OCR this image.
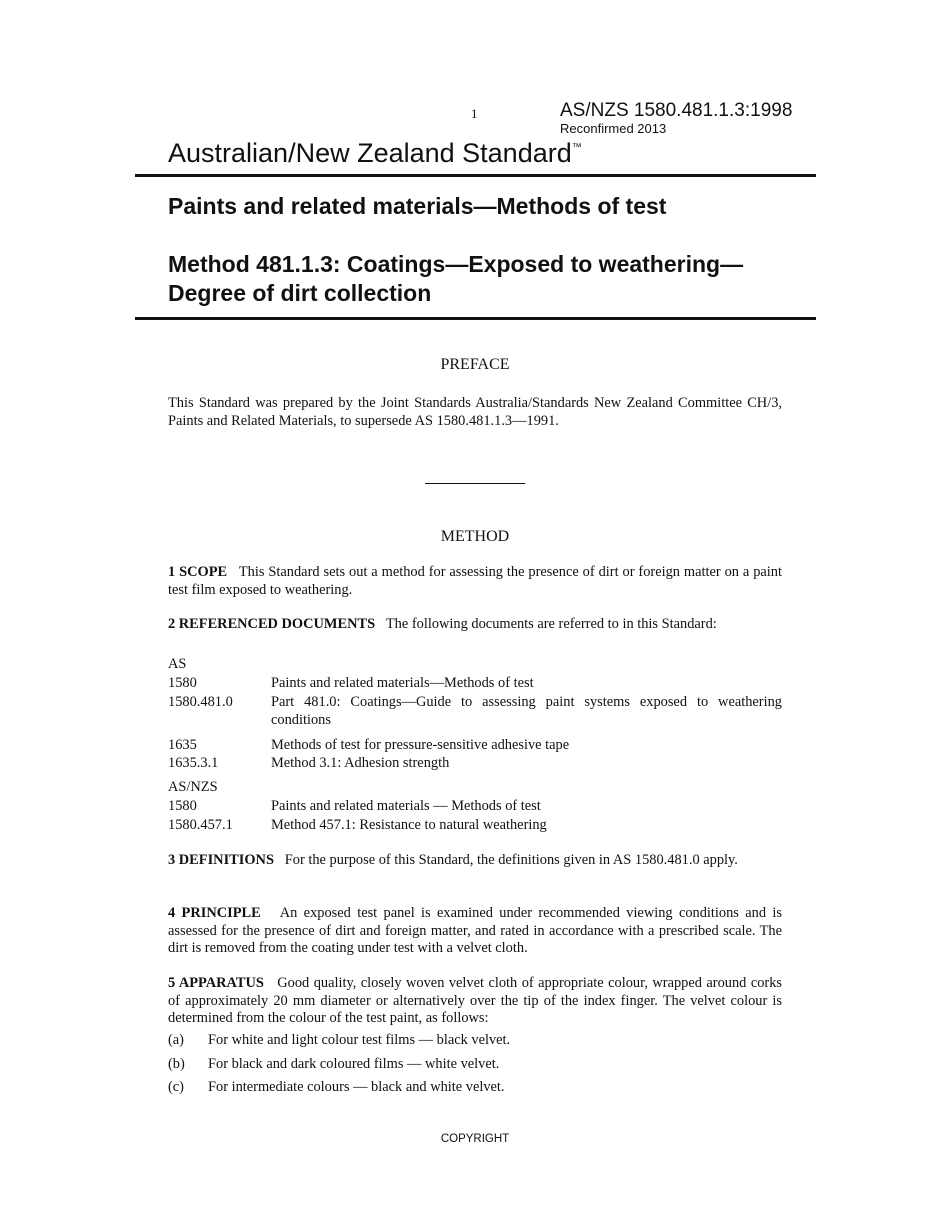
1	AS/NZS 1580.481.1.3:1998
Reconfirmed 2013
Australian/New Zealand Standard™
Paints and related materials—Methods of test
Method 481.1.3: Coatings—Exposed to weathering—Degree of dirt collection
PREFACE
This Standard was prepared by the Joint Standards Australia/Standards New Zealand Committee CH/3, Paints and Related Materials, to supersede AS 1580.481.1.3—1991.
METHOD
1 SCOPE This Standard sets out a method for assessing the presence of dirt or foreign matter on a paint test film exposed to weathering.
2 REFERENCED DOCUMENTS The following documents are referred to in this Standard:
AS
1580	Paints and related materials—Methods of test
1580.481.0	Part 481.0: Coatings—Guide to assessing paint systems exposed to weathering conditions
1635	Methods of test for pressure-sensitive adhesive tape
1635.3.1	Method 3.1: Adhesion strength
AS/NZS
1580	Paints and related materials — Methods of test
1580.457.1	Method 457.1: Resistance to natural weathering
3 DEFINITIONS For the purpose of this Standard, the definitions given in AS 1580.481.0 apply.
4 PRINCIPLE An exposed test panel is examined under recommended viewing conditions and is assessed for the presence of dirt and foreign matter, and rated in accordance with a prescribed scale. The dirt is removed from the coating under test with a velvet cloth.
5 APPARATUS Good quality, closely woven velvet cloth of appropriate colour, wrapped around corks of approximately 20 mm diameter or alternatively over the tip of the index finger. The velvet colour is determined from the colour of the test paint, as follows:
(a) For white and light colour test films — black velvet.
(b) For black and dark coloured films — white velvet.
(c) For intermediate colours — black and white velvet.
COPYRIGHT
